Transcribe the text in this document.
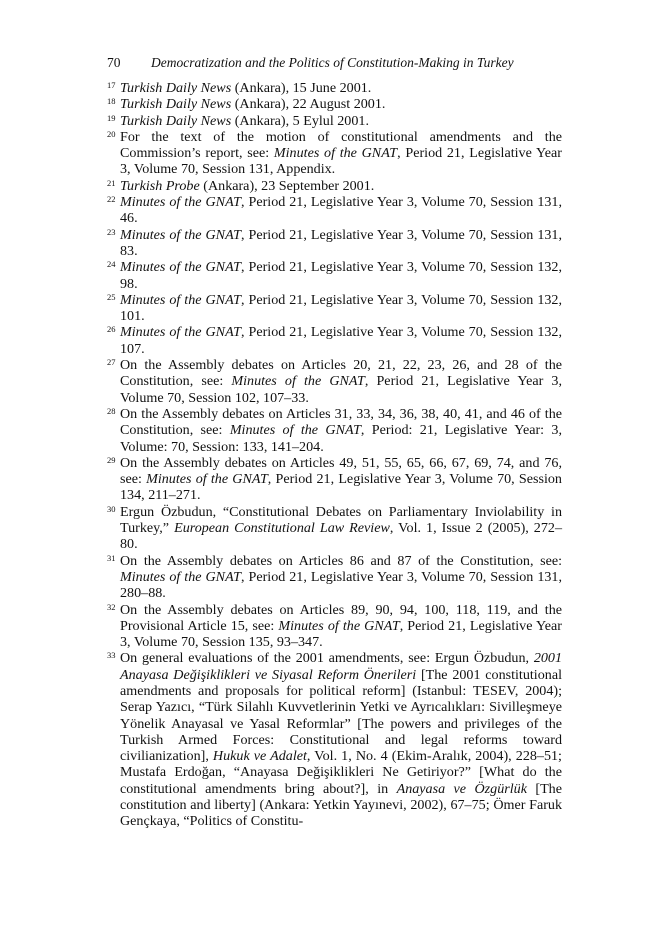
70 Democratization and the Politics of Constitution-Making in Turkey

17 Turkish Daily News (Ankara), 15 June 2001.

18 Turkish Daily News (Ankara), 22 August 2001.

19 Turkish Daily News (Ankara), 5 Eylul 2001.

20 For the text of the motion of constitutional amendments and the Commission’s report, see: Minutes of the GNAT, Period 21, Legislative Year 3, Volume 70, Session 131, Appendix.

21 Turkish Probe (Ankara), 23 September 2001.

22 Minutes of the GNAT, Period 21, Legislative Year 3, Volume 70, Session 131, 46.

23 Minutes of the GNAT, Period 21, Legislative Year 3, Volume 70, Session 131, 83.

24 Minutes of the GNAT, Period 21, Legislative Year 3, Volume 70, Session 132, 98.

25 Minutes of the GNAT, Period 21, Legislative Year 3, Volume 70, Session 132, 101.

26 Minutes of the GNAT, Period 21, Legislative Year 3, Volume 70, Session 132, 107.

27 On the Assembly debates on Articles 20, 21, 22, 23, 26, and 28 of the Constitution, see: Minutes of the GNAT, Period 21, Legislative Year 3, Volume 70, Session 102, 107–33.

28 On the Assembly debates on Articles 31, 33, 34, 36, 38, 40, 41, and 46 of the Constitution, see: Minutes of the GNAT, Period: 21, Legislative Year: 3, Volume: 70, Session: 133, 141–204.

29 On the Assembly debates on Articles 49, 51, 55, 65, 66, 67, 69, 74, and 76, see: Minutes of the GNAT, Period 21, Legislative Year 3, Volume 70, Session 134, 211–271.

30 Ergun Özbudun, “Constitutional Debates on Parliamentary Inviolability in Turkey,” European Constitutional Law Review, Vol. 1, Issue 2 (2005), 272–80.

31 On the Assembly debates on Articles 86 and 87 of the Constitution, see: Minutes of the GNAT, Period 21, Legislative Year 3, Volume 70, Session 131, 280–88.

32 On the Assembly debates on Articles 89, 90, 94, 100, 118, 119, and the Provisional Article 15, see: Minutes of the GNAT, Period 21, Legislative Year 3, Volume 70, Session 135, 93–347.

33 On general evaluations of the 2001 amendments, see: Ergun Özbudun, 2001 Anayasa Değişiklikleri ve Siyasal Reform Önerileri [The 2001 constitutional amendments and proposals for political reform] (Istanbul: TESEV, 2004); Serap Yazıcı, “Türk Silahlı Kuvvetlerinin Yetki ve Ayrıcalıkları: Sivilleşmeye Yönelik Anayasal ve Yasal Reformlar” [The powers and privileges of the Turkish Armed Forces: Constitutional and legal reforms toward civilianization], Hukuk ve Adalet, Vol. 1, No. 4 (Ekim-Aralık, 2004), 228–51; Mustafa Erdoğan, “Anayasa Değişiklikleri Ne Getiriyor?” [What do the constitutional amendments bring about?], in Anayasa ve Özgürlük [The constitution and liberty] (Ankara: Yetkin Yayınevi, 2002), 67–75; Ömer Faruk Gençkaya, “Politics of Constitu-
